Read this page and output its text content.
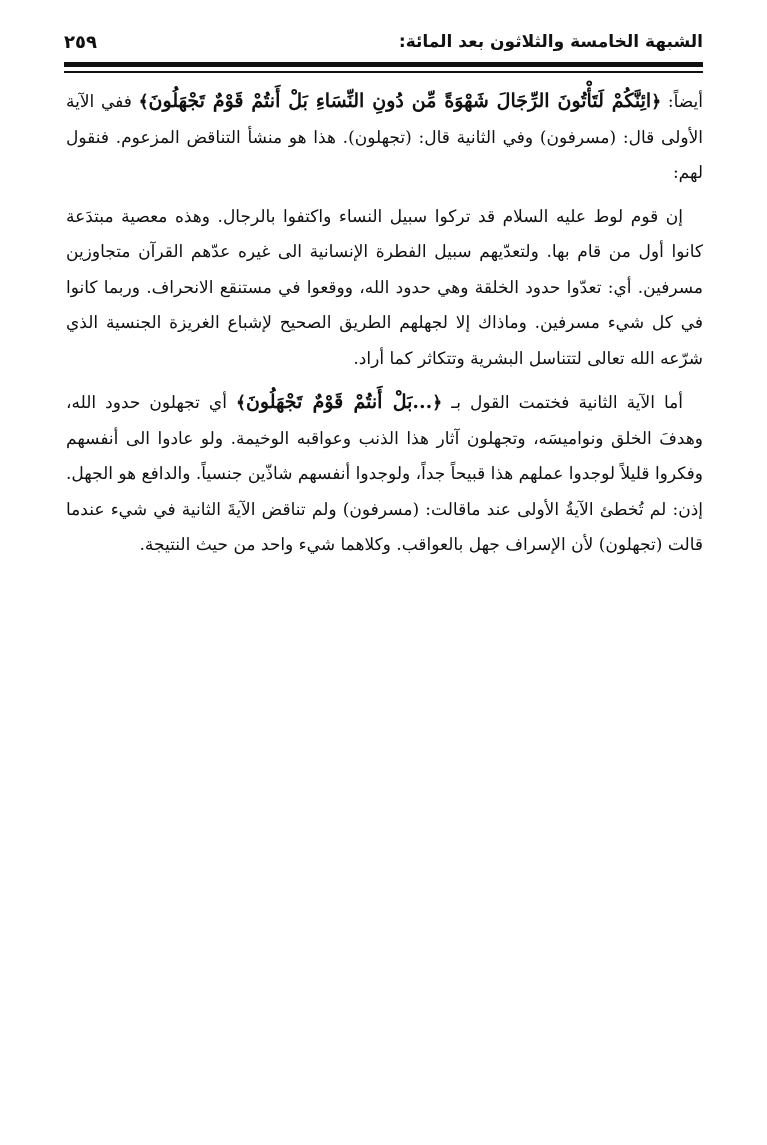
الشبهة الخامسة والثلاثون بعد المائة:
٢٥٩

أيضاً: ﴿ائِنَّكُمْ لَتَأْتُونَ الرِّجَالَ شَهْوَةً مِّن دُونِ النِّسَاءِ بَلْ أَنتُمْ قَوْمٌ تَجْهَلُونَ﴾ ففي الآية الأولى قال: (مسرفون) وفي الثانية قال: (تجهلون). هذا هو منشأ التناقض المزعوم. فنقول لهم:

إن قوم لوط عليه السلام قد تركوا سبيل النساء واكتفوا بالرجال. وهذه معصية مبتدَعة كانوا أول من قام بها. ولتعدّيهم سبيل الفطرة الإنسانية الى غيره عدّهم القرآن متجاوزين مسرفين. أي: تعدّوا حدود الخلقة وهي حدود الله، ووقعوا في مستنقع الانحراف. وربما كانوا في كل شيء مسرفين. وماذاك إلا لجهلهم الطريق الصحيح لإشباع الغريزة الجنسية الذي شرّعه الله تعالى لتتناسل البشرية وتتكاثر كما أراد.

أما الآية الثانية فختمت القول بـ ﴿...بَلْ أَنتُمْ قَوْمٌ تَجْهَلُونَ﴾ أي تجهلون حدود الله، وهدفَ الخلق ونواميسَه، وتجهلون آثار هذا الذنب وعواقبه الوخيمة. ولو عادوا الى أنفسهم وفكروا قليلاً لوجدوا عملهم هذا قبيحاً جداً، ولوجدوا أنفسهم شاذّين جنسياً. والدافع هو الجهل. إذن: لم تُخطئ الآيةُ الأولى عند ماقالت: (مسرفون) ولم تناقض الآيةَ الثانية في شيء عندما قالت (تجهلون) لأن الإسراف جهل بالعواقب. وكلاهما شيء واحد من حيث النتيجة.
